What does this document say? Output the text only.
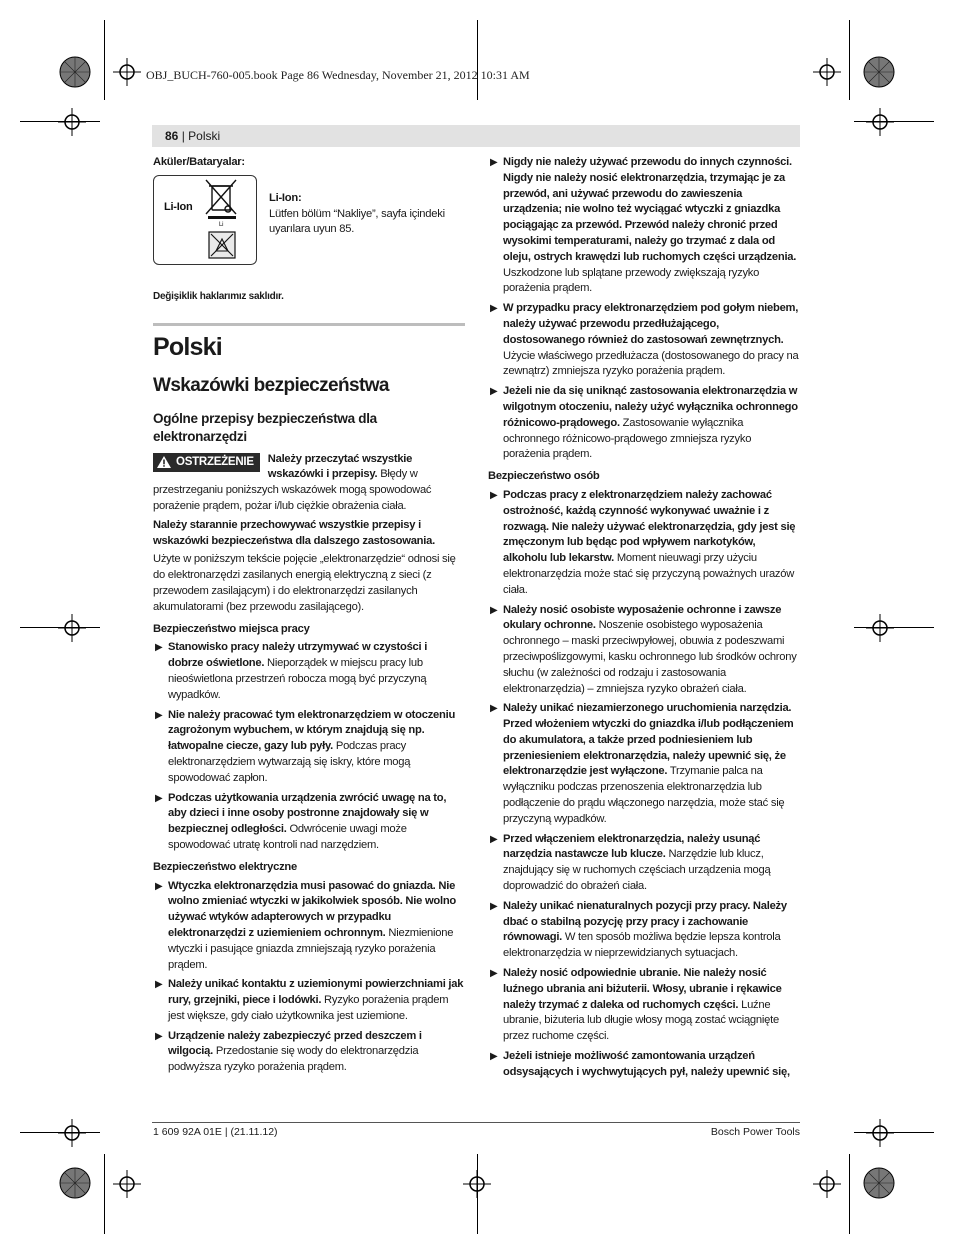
OBJ_BUCH-760-005.book Page 86 Wednesday, November 21, 2012 10:31 AM
86 | Polski
Aküler/Bataryalar:
Li-Ion
Li
Li-Ion:
Lütfen bölüm “Nakliye”, sayfa içindeki uyarılara uyun 85.
Değişiklik haklarımız saklıdır.
Polski
Wskazówki bezpieczeństwa
Ogólne przepisy bezpieczeństwa dla elektronarzędzi

OSTRZEŻENIE Należy przeczytać wszystkie wskazówki i przepisy. Błędy w przestrzeganiu poniższych wskazówek mogą spowodować porażenie prądem, pożar i/lub ciężkie obrażenia ciała.

Należy starannie przechowywać wszystkie przepisy i wskazówki bezpieczeństwa dla dalszego zastosowania.

Użyte w poniższym tekście pojęcie „elektronarzędzie“ odnosi się do elektronarzędzi zasilanych energią elektryczną z sieci (z przewodem zasilającym) i do elektronarzędzi zasilanych akumulatorami (bez przewodu zasilającego).

Bezpieczeństwo miejsca pracy
▶ Stanowisko pracy należy utrzymywać w czystości i dobrze oświetlone. Nieporządek w miejscu pracy lub nieoświetlona przestrzeń robocza mogą być przyczyną wypadków.
▶ Nie należy pracować tym elektronarzędziem w otoczeniu zagrożonym wybuchem, w którym znajdują się np. łatwopalne ciecze, gazy lub pyły. Podczas pracy elektronarzędziem wytwarzają się iskry, które mogą spowodować zapłon.
▶ Podczas użytkowania urządzenia zwrócić uwagę na to, aby dzieci i inne osoby postronne znajdowały się w bezpiecznej odległości. Odwrócenie uwagi może spowodować utratę kontroli nad narzędziem.
Bezpieczeństwo elektryczne
▶ Wtyczka elektronarzędzia musi pasować do gniazda. Nie wolno zmieniać wtyczki w jakikolwiek sposób. Nie wolno używać wtyków adapterowych w przypadku elektronarzędzi z uziemieniem ochronnym. Niezmienione wtyczki i pasujące gniazda zmniejszają ryzyko porażenia prądem.
▶ Należy unikać kontaktu z uziemionymi powierzchniami jak rury, grzejniki, piece i lodówki. Ryzyko porażenia prądem jest większe, gdy ciało użytkownika jest uziemione.
▶ Urządzenie należy zabezpieczyć przed deszczem i wilgocią. Przedostanie się wody do elektronarzędzia podwyższa ryzyko porażenia prądem.
▶ Nigdy nie należy używać przewodu do innych czynności. Nigdy nie należy nosić elektronarzędzia, trzymając je za przewód, ani używać przewodu do zawieszenia urządzenia; nie wolno też wyciągać wtyczki z gniazdka pociągając za przewód. Przewód należy chronić przed wysokimi temperaturami, należy go trzymać z dala od oleju, ostrych krawędzi lub ruchomych części urządzenia. Uszkodzone lub splątane przewody zwiększają ryzyko porażenia prądem.
▶ W przypadku pracy elektronarzędziem pod gołym niebem, należy używać przewodu przedłużającego, dostosowanego również do zastosowań zewnętrznych. Użycie właściwego przedłużacza (dostosowanego do pracy na zewnątrz) zmniejsza ryzyko porażenia prądem.
▶ Jeżeli nie da się uniknąć zastosowania elektronarzędzia w wilgotnym otoczeniu, należy użyć wyłącznika ochronnego różnicowo-prądowego. Zastosowanie wyłącznika ochronnego różnicowo-prądowego zmniejsza ryzyko porażenia prądem.
Bezpieczeństwo osób
▶ Podczas pracy z elektronarzędziem należy zachować ostrożność, każdą czynność wykonywać uważnie i z rozwagą. Nie należy używać elektronarzędzia, gdy jest się zmęczonym lub będąc pod wpływem narkotyków, alkoholu lub lekarstw. Moment nieuwagi przy użyciu elektronarzędzia może stać się przyczyną poważnych urazów ciała.
▶ Należy nosić osobiste wyposażenie ochronne i zawsze okulary ochronne. Noszenie osobistego wyposażenia ochronnego – maski przeciwpyłowej, obuwia z podeszwami przeciwpoślizgowymi, kasku ochronnego lub środków ochrony słuchu (w zależności od rodzaju i zastosowania elektronarzędzia) – zmniejsza ryzyko obrażeń ciała.
▶ Należy unikać niezamierzonego uruchomienia narzędzia. Przed włożeniem wtyczki do gniazdka i/lub podłączeniem do akumulatora, a także przed podniesieniem lub przeniesieniem elektronarzędzia, należy upewnić się, że elektronarzędzie jest wyłączone. Trzymanie palca na wyłączniku podczas przenoszenia elektronarzędzia lub podłączenie do prądu włączonego narzędzia, może stać się przyczyną wypadków.
▶ Przed włączeniem elektronarzędzia, należy usunąć narzędzia nastawcze lub klucze. Narzędzie lub klucz, znajdujący się w ruchomych częściach urządzenia mogą doprowadzić do obrażeń ciała.
▶ Należy unikać nienaturalnych pozycji przy pracy. Należy dbać o stabilną pozycję przy pracy i zachowanie równowagi. W ten sposób możliwa będzie lepsza kontrola elektronarzędzia w nieprzewidzianych sytuacjach.
▶ Należy nosić odpowiednie ubranie. Nie należy nosić luźnego ubrania ani biżuterii. Włosy, ubranie i rękawice należy trzymać z daleka od ruchomych części. Luźne ubranie, biżuteria lub długie włosy mogą zostać wciągnięte przez ruchome części.
▶ Jeżeli istnieje możliwość zamontowania urządzeń odsysających i wychwytujących pył, należy upewnić się,
1 609 92A 01E | (21.11.12)	Bosch Power Tools
